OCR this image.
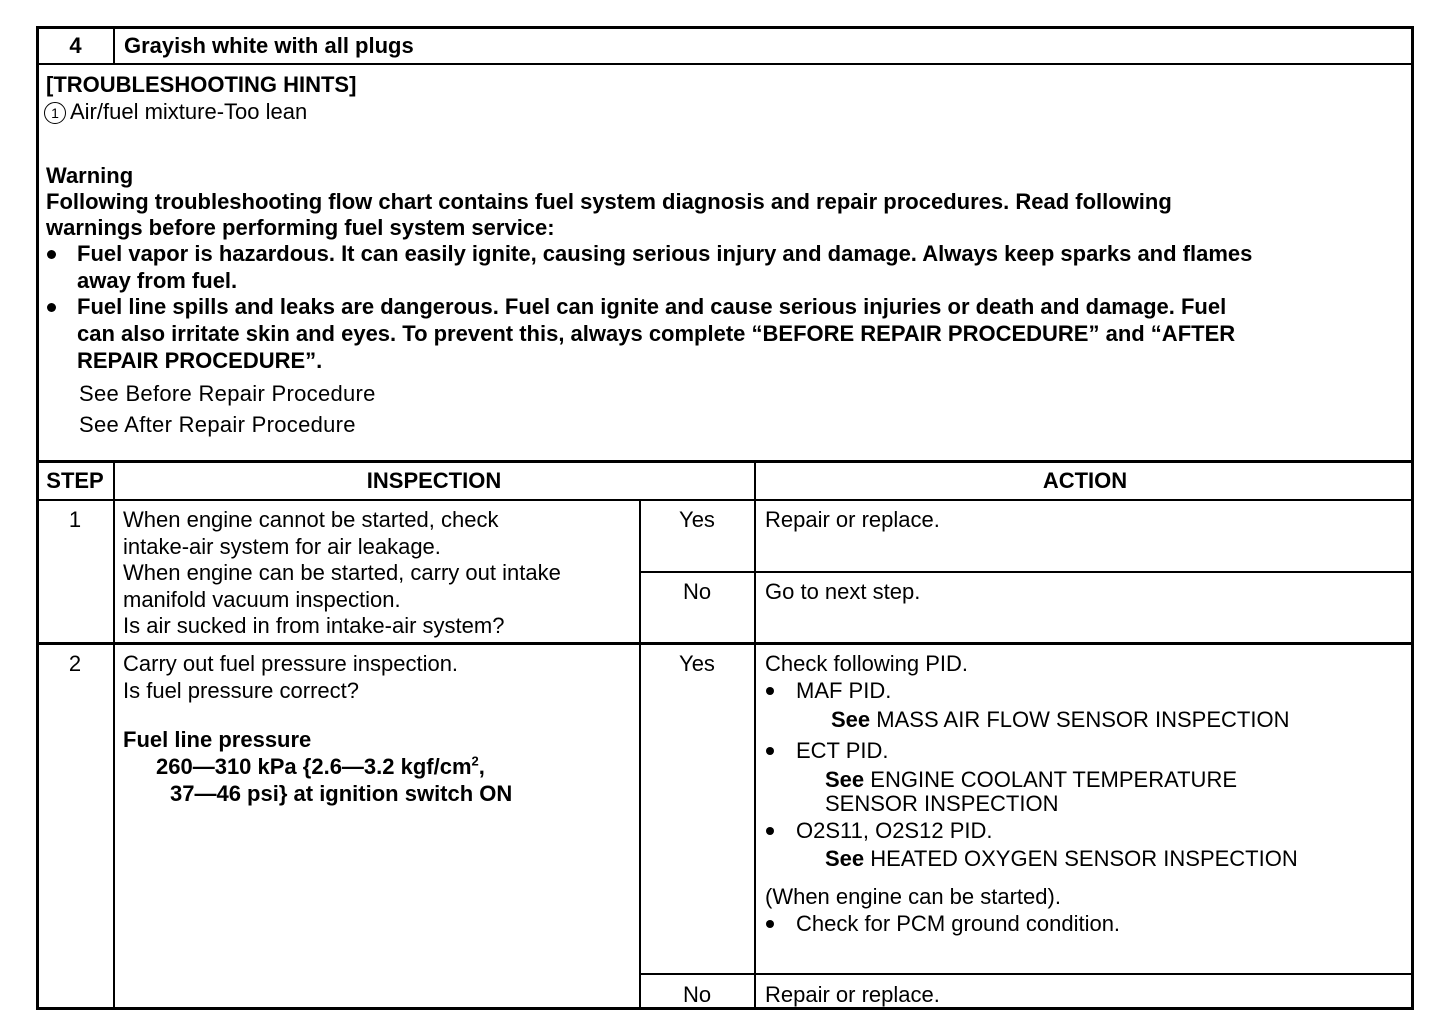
4	Grayish white with all plugs
[TROUBLESHOOTING HINTS]
1 Air/fuel mixture-Too lean
Warning
Following troubleshooting flow chart contains fuel system diagnosis and repair procedures. Read following
warnings before performing fuel system service:
Fuel vapor is hazardous. It can easily ignite, causing serious injury and damage. Always keep sparks and flames
away from fuel.
Fuel line spills and leaks are dangerous. Fuel can ignite and cause serious injuries or death and damage. Fuel
can also irritate skin and eyes. To prevent this, always complete “BEFORE REPAIR PROCEDURE” and “AFTER
REPAIR PROCEDURE”.
See Before Repair Procedure
See After Repair Procedure
STEP	INSPECTION	ACTION
1	When engine cannot be started, check
intake-air system for air leakage.
When engine can be started, carry out intake
manifold vacuum inspection.
Is air sucked in from intake-air system?
Yes	Repair or replace.
No	Go to next step.
2	Carry out fuel pressure inspection.
Is fuel pressure correct?
Fuel line pressure
260—310 kPa {2.6—3.2 kgf/$cm^2$,
37—46 psi} at ignition switch ON
Yes	Check following PID.
MAF PID.
See MASS AIR FLOW SENSOR INSPECTION
ECT PID.
See ENGINE COOLANT TEMPERATURE
SENSOR INSPECTION
O2S11, O2S12 PID.
See HEATED OXYGEN SENSOR INSPECTION
(When engine can be started).
Check for PCM ground condition.
No	Repair or replace.
